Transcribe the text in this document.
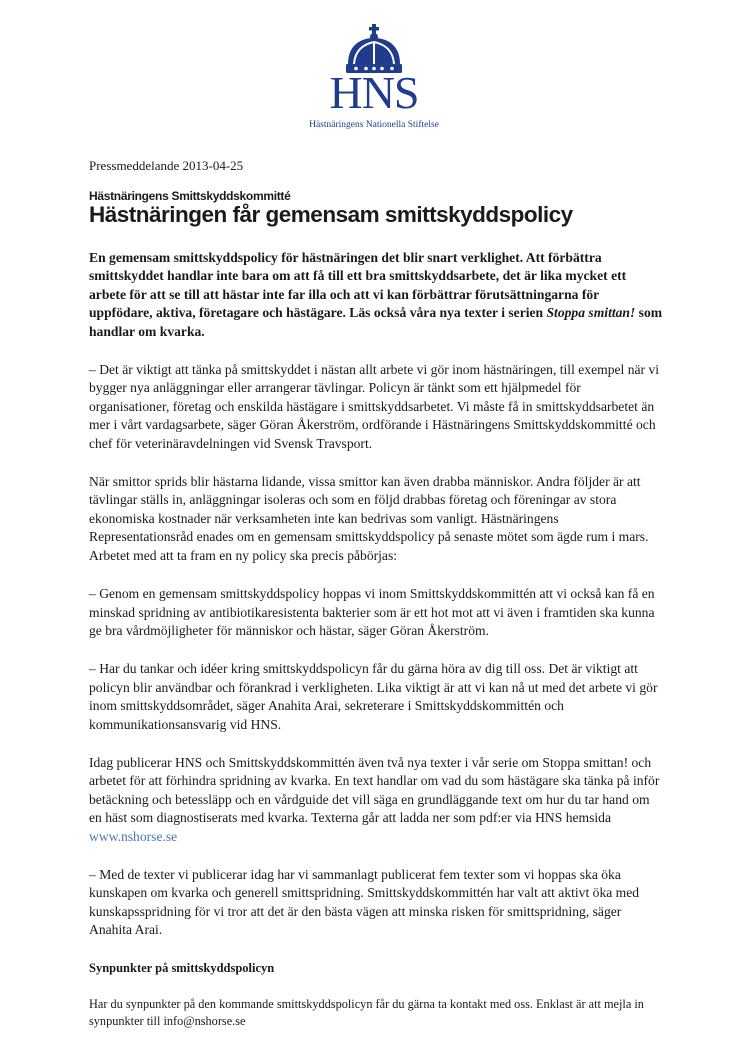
HNS
Hästnäringens Nationella Stiftelse
Pressmeddelande 2013-04-25
Hästnäringens Smittskyddskommitté
Hästnäringen får gemensam smittskyddspolicy

En gemensam smittskyddspolicy för hästnäringen det blir snart verklighet. Att förbättra smittskyddet handlar inte bara om att få till ett bra smittskyddsarbete, det är lika mycket ett arbete för att se till att hästar inte far illa och att vi kan förbättrar förutsättningarna för uppfödare, aktiva, företagare och hästägare. Läs också våra nya texter i serien Stoppa smittan! som handlar om kvarka.

– Det är viktigt att tänka på smittskyddet i nästan allt arbete vi gör inom hästnäringen, till exempel när vi bygger nya anläggningar eller arrangerar tävlingar. Policyn är tänkt som ett hjälpmedel för organisationer, företag och enskilda hästägare i smittskyddsarbetet. Vi måste få in smittskyddsarbetet än mer i vårt vardagsarbete, säger Göran Åkerström, ordförande i Hästnäringens Smittskyddskommitté och chef för veterinäravdelningen vid Svensk Travsport.

När smittor sprids blir hästarna lidande, vissa smittor kan även drabba människor. Andra följder är att tävlingar ställs in, anläggningar isoleras och som en följd drabbas företag och föreningar av stora ekonomiska kostnader när verksamheten inte kan bedrivas som vanligt. Hästnäringens Representationsråd enades om en gemensam smittskyddspolicy på senaste mötet som ägde rum i mars. Arbetet med att ta fram en ny policy ska precis påbörjas:

– Genom en gemensam smittskyddspolicy hoppas vi inom Smittskyddskommittén att vi också kan få en minskad spridning av antibiotikaresistenta bakterier som är ett hot mot att vi även i framtiden ska kunna ge bra vårdmöjligheter för människor och hästar, säger Göran Åkerström.

– Har du tankar och idéer kring smittskyddspolicyn får du gärna höra av dig till oss. Det är viktigt att policyn blir användbar och förankrad i verkligheten. Lika viktigt är att vi kan nå ut med det arbete vi gör inom smittskyddsområdet, säger Anahita Arai, sekreterare i Smittskyddskommittén och kommunikationsansvarig vid HNS.

Idag publicerar HNS och Smittskyddskommittén även två nya texter i vår serie om Stoppa smittan! och arbetet för att förhindra spridning av kvarka. En text handlar om vad du som hästägare ska tänka på inför betäckning och betessläpp och en vårdguide det vill säga en grundläggande text om hur du tar hand om en häst som diagnostiserats med kvarka. Texterna går att ladda ner som pdf:er via HNS hemsida www.nshorse.se

– Med de texter vi publicerar idag har vi sammanlagt publicerat fem texter som vi hoppas ska öka kunskapen om kvarka och generell smittspridning. Smittskyddskommittén har valt att aktivt öka med kunskapsspridning för vi tror att det är den bästa vägen att minska risken för smittspridning, säger Anahita Arai.

Synpunkter på smittskyddspolicyn

Har du synpunkter på den kommande smittskyddspolicyn får du gärna ta kontakt med oss. Enklast är att mejla in synpunkter till info@nshorse.se
